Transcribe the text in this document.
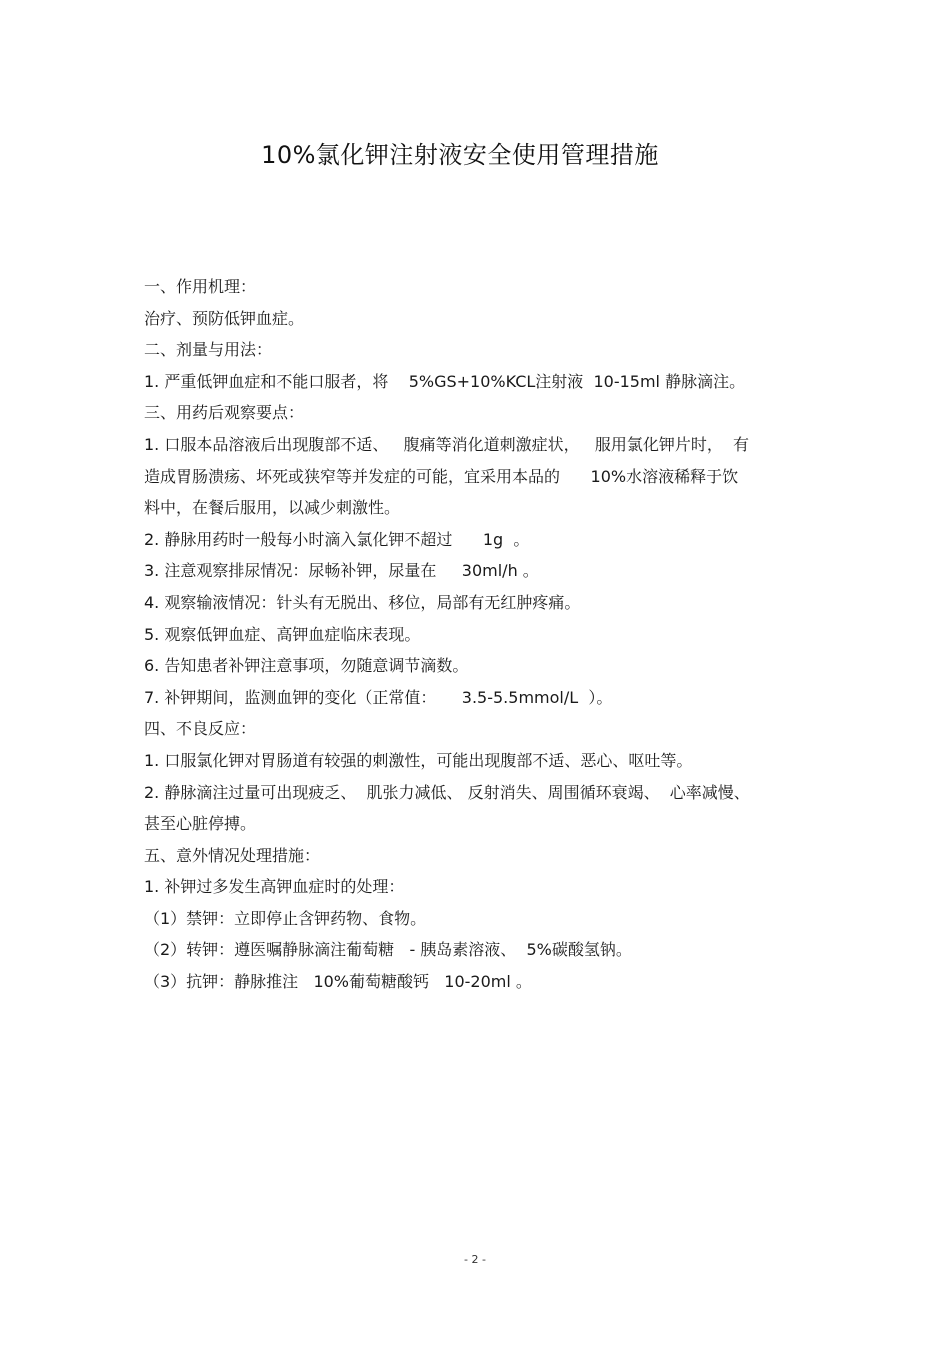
10%氯化钾注射液安全使用管理措施
一、作用机理：
治疗、预防低钾血症。
二、剂量与用法：
1. 严重低钾血症和不能口服者，将    5%GS+10%KCL注射液  10-15ml 静脉滴注。
三、用药后观察要点：
1. 口服本品溶液后出现腹部不适、   腹痛等消化道刺激症状，   服用氯化钾片时，  有
造成胃肠溃疡、坏死或狭窄等并发症的可能，宜采用本品的      10%水溶液稀释于饮
料中，在餐后服用，以减少刺激性。
2. 静脉用药时一般每小时滴入氯化钾不超过      1g  。
3. 注意观察排尿情况：尿畅补钾，尿量在     30ml/h 。
4. 观察输液情况：针头有无脱出、移位，局部有无红肿疼痛。
5. 观察低钾血症、高钾血症临床表现。
6. 告知患者补钾注意事项，勿随意调节滴数。
7. 补钾期间，监测血钾的变化（正常值：     3.5-5.5mmol/L  ）。
四、不良反应：
1. 口服氯化钾对胃肠道有较强的刺激性，可能出现腹部不适、恶心、呕吐等。
2. 静脉滴注过量可出现疲乏、  肌张力减低、 反射消失、周围循环衰竭、  心率减慢、
甚至心脏停搏。
五、意外情况处理措施：
1. 补钾过多发生高钾血症时的处理：
（1）禁钾：立即停止含钾药物、食物。
（2）转钾：遵医嘱静脉滴注葡萄糖   - 胰岛素溶液、  5%碳酸氢钠。
（3）抗钾：静脉推注   10%葡萄糖酸钙   10-20ml 。
- 2 -
